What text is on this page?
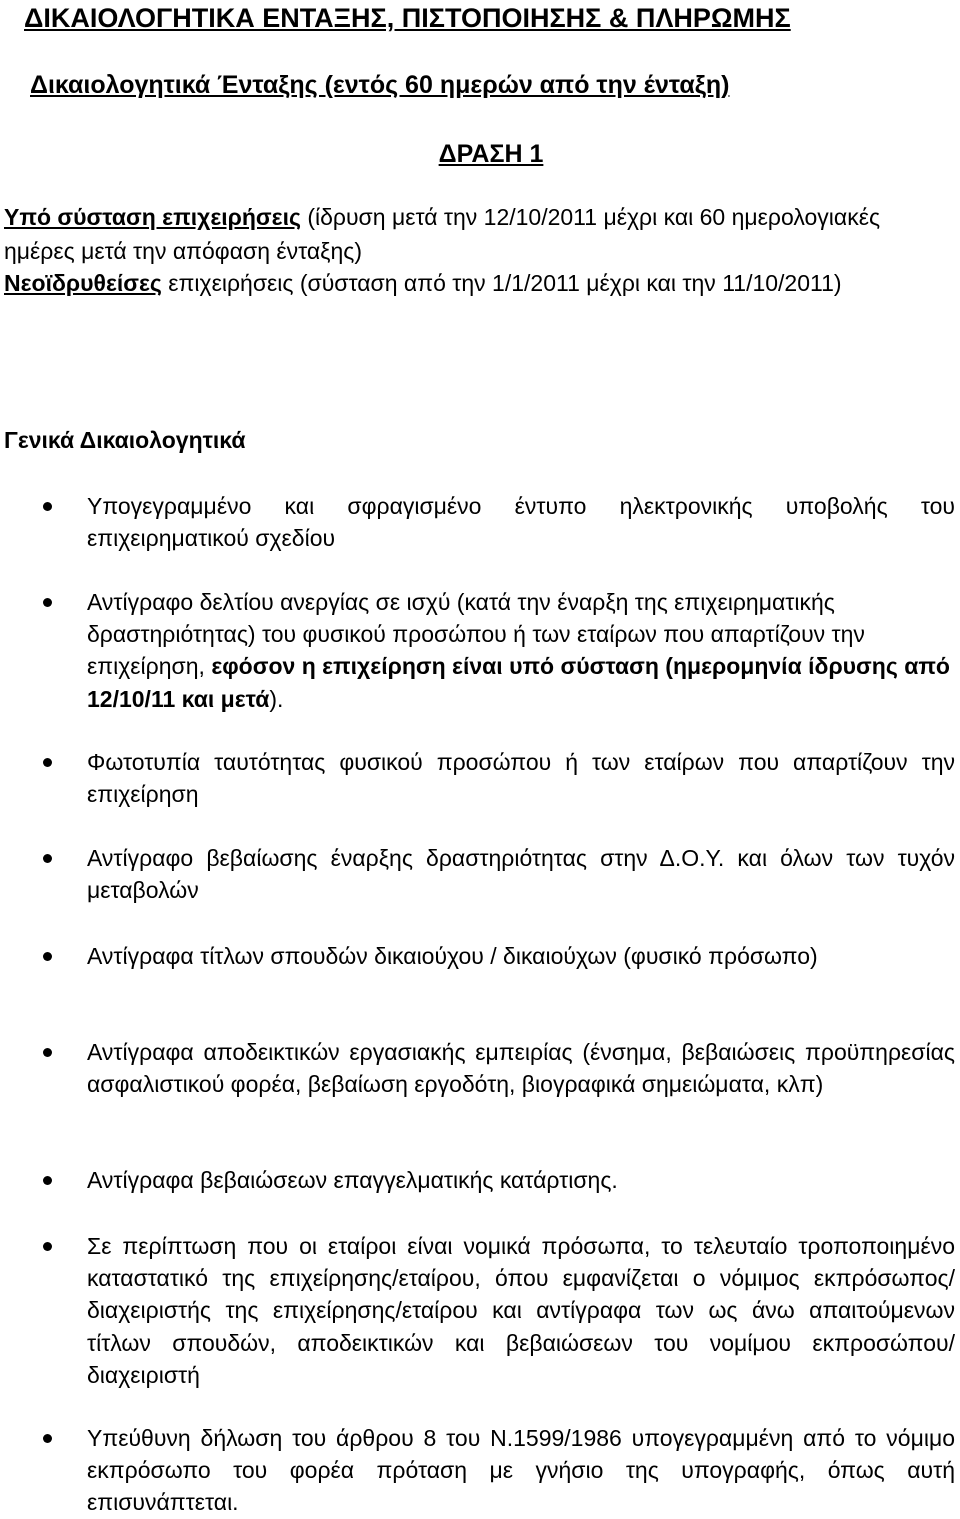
ΔΙΚΑΙΟΛΟΓΗΤΙΚΑ ΕΝΤΑΞΗΣ, ΠΙΣΤΟΠΟΙΗΣΗΣ & ΠΛΗΡΩΜΗΣ
Δικαιολογητικά Ένταξης (εντός 60 ημερών από την ένταξη)
ΔΡΑΣΗ 1

Υπό σύσταση επιχειρήσεις (ίδρυση μετά την 12/10/2011 μέχρι και 60 ημερολογιακές ημέρες μετά την απόφαση ένταξης)

Νεοϊδρυθείσες επιχειρήσεις (σύσταση από την 1/1/2011 μέχρι και την 11/10/2011)

Γενικά Δικαιολογητικά

Υπογεγραμμένο και σφραγισμένο έντυπο ηλεκτρονικής υποβολής του επιχειρηματικού σχεδίου

Αντίγραφο δελτίου ανεργίας σε ισχύ (κατά την έναρξη της επιχειρηματικής δραστηριότητας) του φυσικού προσώπου ή των εταίρων που απαρτίζουν την επιχείρηση, εφόσον η επιχείρηση είναι υπό σύσταση (ημερομηνία ίδρυσης από 12/10/11 και μετά).

Φωτοτυπία ταυτότητας φυσικού προσώπου ή των εταίρων που απαρτίζουν την επιχείρηση

Αντίγραφο βεβαίωσης έναρξης δραστηριότητας στην Δ.Ο.Υ. και όλων των τυχόν μεταβολών

Αντίγραφα τίτλων σπουδών δικαιούχου / δικαιούχων (φυσικό πρόσωπο)

Αντίγραφα αποδεικτικών εργασιακής εμπειρίας (ένσημα, βεβαιώσεις προϋπηρεσίας ασφαλιστικού φορέα, βεβαίωση εργοδότη, βιογραφικά σημειώματα, κλπ)

Αντίγραφα βεβαιώσεων επαγγελματικής κατάρτισης.

Σε περίπτωση που οι εταίροι είναι νομικά πρόσωπα, το τελευταίο τροποποιημένο καταστατικό της επιχείρησης/εταίρου, όπου εμφανίζεται ο νόμιμος εκπρόσωπος/διαχειριστής της επιχείρησης/εταίρου και αντίγραφα των ως άνω απαιτούμενων τίτλων σπουδών, αποδεικτικών και βεβαιώσεων του νομίμου εκπροσώπου/διαχειριστή

Υπεύθυνη δήλωση του άρθρου 8 του Ν.1599/1986 υπογεγραμμένη από το νόμιμο εκπρόσωπο του φορέα πρόταση με γνήσιο της υπογραφής, όπως αυτή επισυνάπτεται.
